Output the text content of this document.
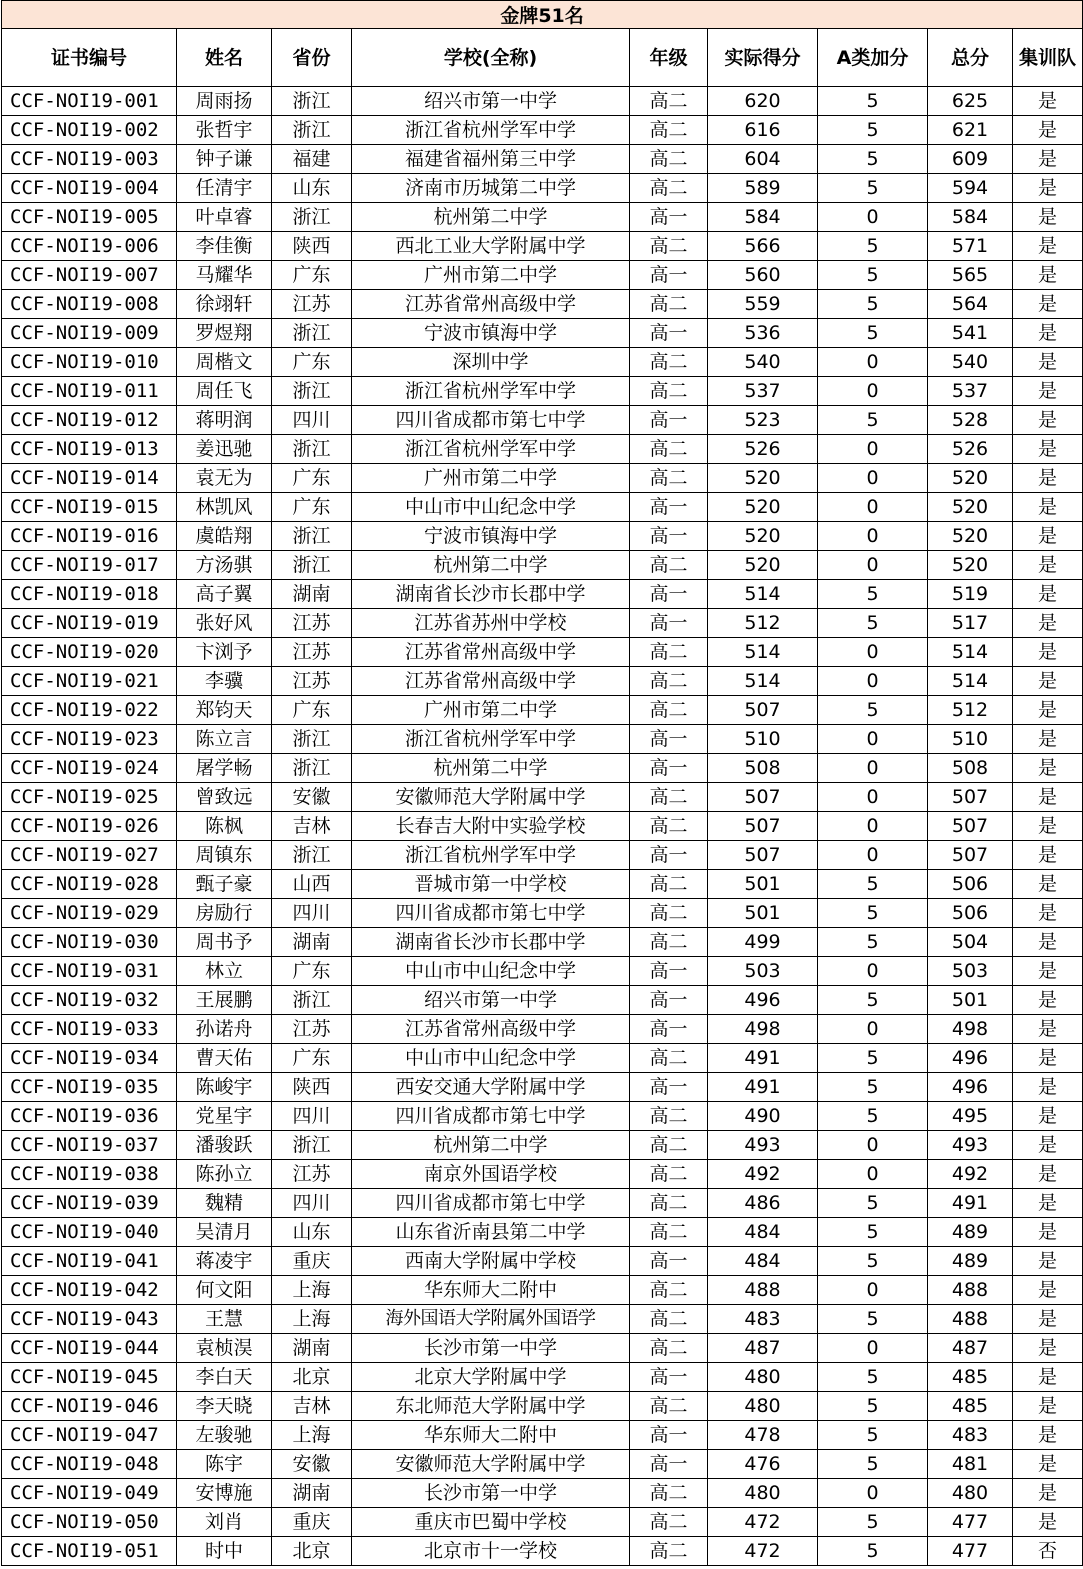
金牌51名								
证书编号	姓名	省份	学校(全称)	年级	实际得分	A类加分	总分	集训队
CCF-NOI19-001	周雨扬	浙江	绍兴市第一中学	高二	620	5	625	是
CCF-NOI19-002	张哲宇	浙江	浙江省杭州学军中学	高二	616	5	621	是
CCF-NOI19-003	钟子谦	福建	福建省福州第三中学	高二	604	5	609	是
CCF-NOI19-004	任清宇	山东	济南市历城第二中学	高二	589	5	594	是
CCF-NOI19-005	叶卓睿	浙江	杭州第二中学	高一	584	0	584	是
CCF-NOI19-006	李佳衡	陕西	西北工业大学附属中学	高二	566	5	571	是
CCF-NOI19-007	马耀华	广东	广州市第二中学	高一	560	5	565	是
CCF-NOI19-008	徐翊轩	江苏	江苏省常州高级中学	高二	559	5	564	是
CCF-NOI19-009	罗煜翔	浙江	宁波市镇海中学	高一	536	5	541	是
CCF-NOI19-010	周楷文	广东	深圳中学	高二	540	0	540	是
CCF-NOI19-011	周任飞	浙江	浙江省杭州学军中学	高二	537	0	537	是
CCF-NOI19-012	蒋明润	四川	四川省成都市第七中学	高一	523	5	528	是
CCF-NOI19-013	姜迅驰	浙江	浙江省杭州学军中学	高二	526	0	526	是
CCF-NOI19-014	袁无为	广东	广州市第二中学	高二	520	0	520	是
CCF-NOI19-015	林凯风	广东	中山市中山纪念中学	高一	520	0	520	是
CCF-NOI19-016	虞皓翔	浙江	宁波市镇海中学	高一	520	0	520	是
CCF-NOI19-017	方汤骐	浙江	杭州第二中学	高二	520	0	520	是
CCF-NOI19-018	高子翼	湖南	湖南省长沙市长郡中学	高一	514	5	519	是
CCF-NOI19-019	张好风	江苏	江苏省苏州中学校	高一	512	5	517	是
CCF-NOI19-020	卞浏予	江苏	江苏省常州高级中学	高二	514	0	514	是
CCF-NOI19-021	李骥	江苏	江苏省常州高级中学	高二	514	0	514	是
CCF-NOI19-022	郑钧天	广东	广州市第二中学	高二	507	5	512	是
CCF-NOI19-023	陈立言	浙江	浙江省杭州学军中学	高一	510	0	510	是
CCF-NOI19-024	屠学畅	浙江	杭州第二中学	高一	508	0	508	是
CCF-NOI19-025	曾致远	安徽	安徽师范大学附属中学	高二	507	0	507	是
CCF-NOI19-026	陈枫	吉林	长春吉大附中实验学校	高二	507	0	507	是
CCF-NOI19-027	周镇东	浙江	浙江省杭州学军中学	高一	507	0	507	是
CCF-NOI19-028	甄子豪	山西	晋城市第一中学校	高二	501	5	506	是
CCF-NOI19-029	房励行	四川	四川省成都市第七中学	高二	501	5	506	是
CCF-NOI19-030	周书予	湖南	湖南省长沙市长郡中学	高二	499	5	504	是
CCF-NOI19-031	林立	广东	中山市中山纪念中学	高一	503	0	503	是
CCF-NOI19-032	王展鹏	浙江	绍兴市第一中学	高一	496	5	501	是
CCF-NOI19-033	孙诺舟	江苏	江苏省常州高级中学	高一	498	0	498	是
CCF-NOI19-034	曹天佑	广东	中山市中山纪念中学	高二	491	5	496	是
CCF-NOI19-035	陈峻宇	陕西	西安交通大学附属中学	高一	491	5	496	是
CCF-NOI19-036	党星宇	四川	四川省成都市第七中学	高二	490	5	495	是
CCF-NOI19-037	潘骏跃	浙江	杭州第二中学	高二	493	0	493	是
CCF-NOI19-038	陈孙立	江苏	南京外国语学校	高二	492	0	492	是
CCF-NOI19-039	魏精	四川	四川省成都市第七中学	高二	486	5	491	是
CCF-NOI19-040	吴清月	山东	山东省沂南县第二中学	高二	484	5	489	是
CCF-NOI19-041	蒋凌宇	重庆	西南大学附属中学校	高一	484	5	489	是
CCF-NOI19-042	何文阳	上海	华东师大二附中	高二	488	0	488	是
CCF-NOI19-043	王慧	上海	海外国语大学附属外国语学	高二	483	5	488	是
CCF-NOI19-044	袁桢淏	湖南	长沙市第一中学	高二	487	0	487	是
CCF-NOI19-045	李白天	北京	北京大学附属中学	高一	480	5	485	是
CCF-NOI19-046	李天晓	吉林	东北师范大学附属中学	高二	480	5	485	是
CCF-NOI19-047	左骏驰	上海	华东师大二附中	高一	478	5	483	是
CCF-NOI19-048	陈宇	安徽	安徽师范大学附属中学	高一	476	5	481	是
CCF-NOI19-049	安博施	湖南	长沙市第一中学	高二	480	0	480	是
CCF-NOI19-050	刘肖	重庆	重庆市巴蜀中学校	高二	472	5	477	是
CCF-NOI19-051	时中	北京	北京市十一学校	高二	472	5	477	否
